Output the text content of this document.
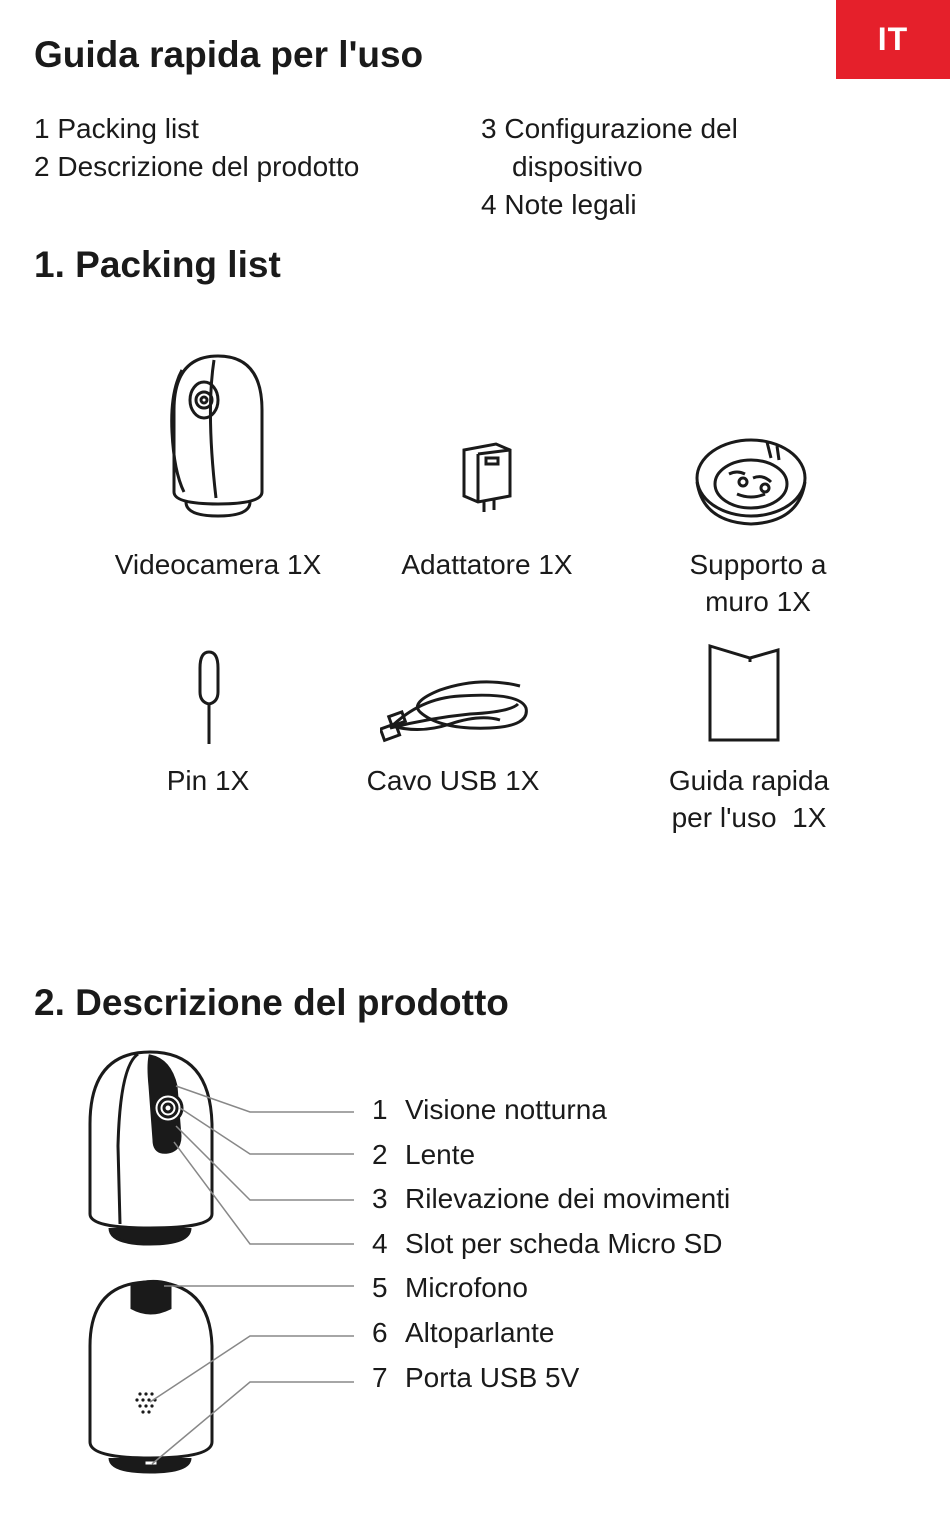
IT
Guida rapida per l'uso
1 Packing list
2 Descrizione del prodotto
3 Configurazione del
dispositivo
4 Note legali
1. Packing list
Videocamera 1X	Adattatore 1X	Supporto a
muro 1X
Pin 1X	Cavo USB 1X	Guida rapida
per l'uso  1X
2. Descrizione del prodotto
1 Visione notturna
2 Lente
3 Rilevazione dei movimenti
4 Slot per scheda Micro SD
5 Microfono
6 Altoparlante
7 Porta USB 5V
